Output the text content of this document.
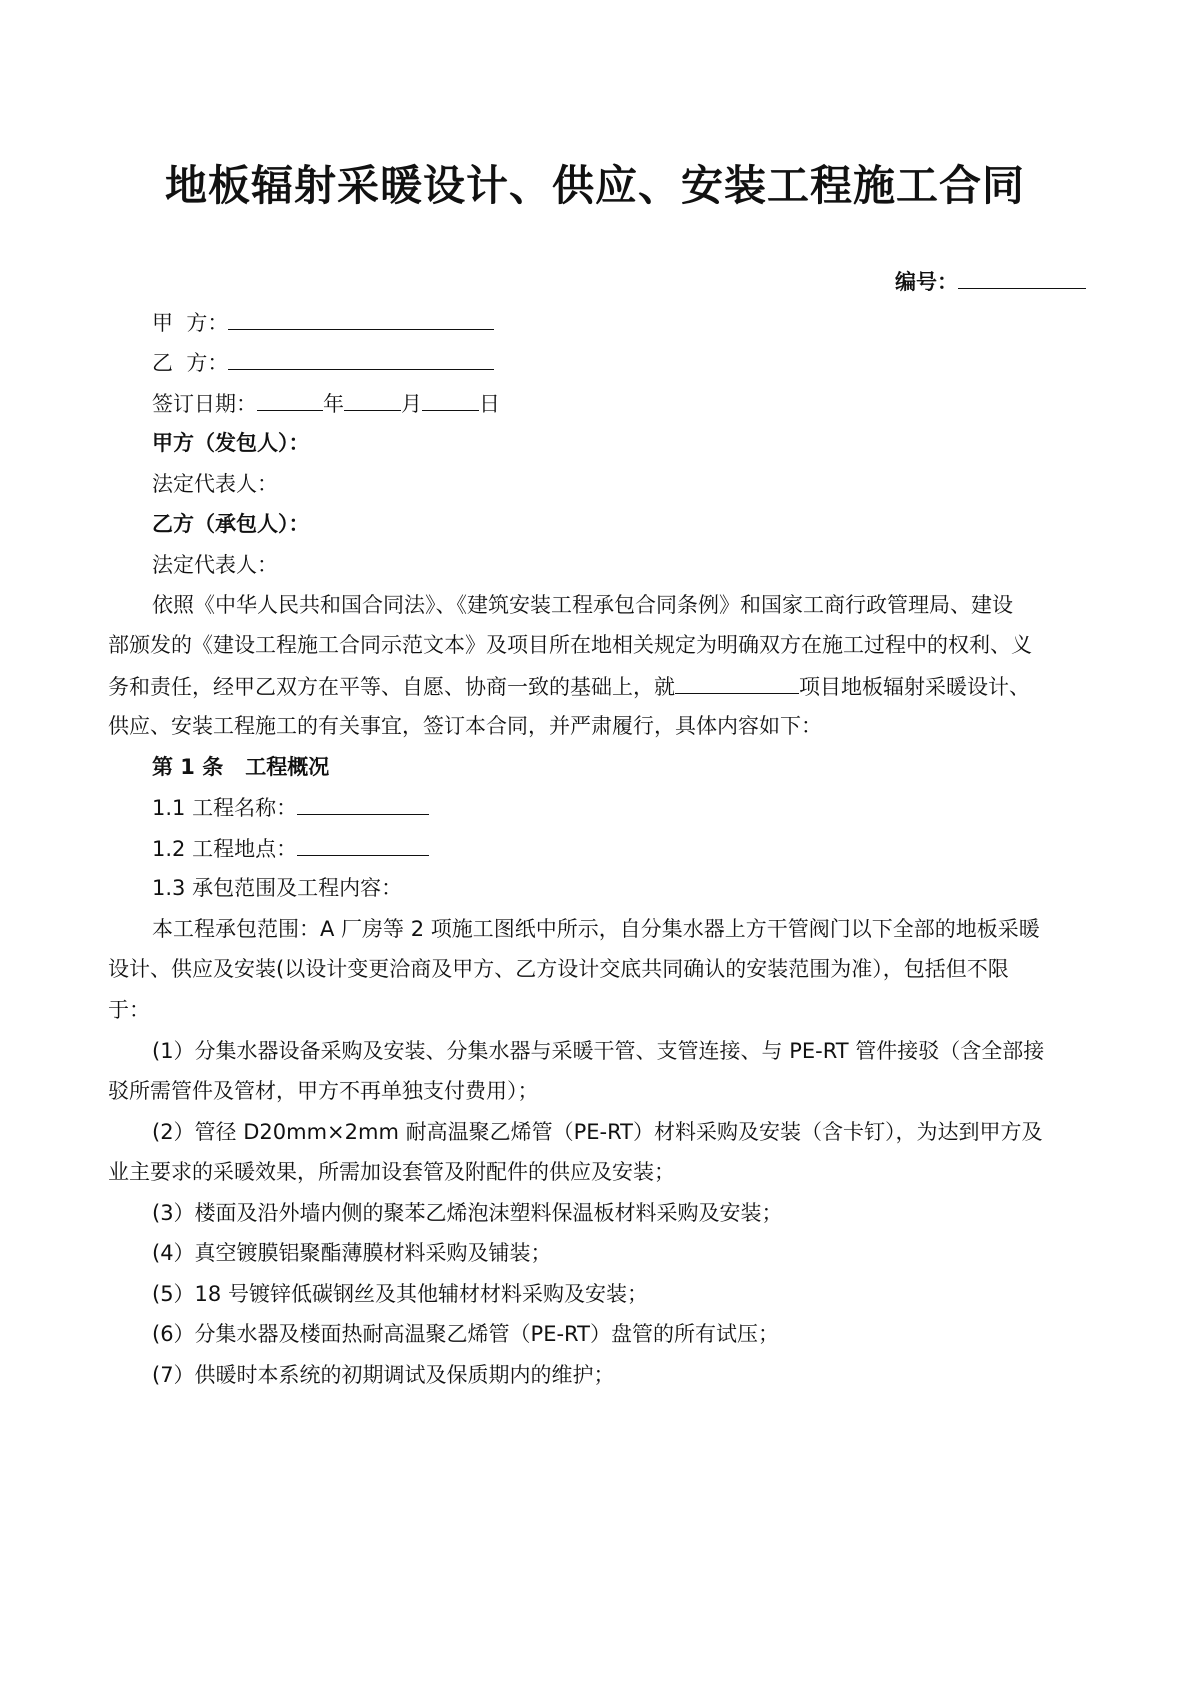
地板辐射采暖设计、供应、安装工程施工合同
编号：
甲  方：
乙  方：
签订日期：	年	月	日
甲方（发包人）：
法定代表人：
乙方（承包人）：
法定代表人：
依照《中华人民共和国合同法》、《建筑安装工程承包合同条例》和国家工商行政管理局、建设
部颁发的《建设工程施工合同示范文本》及项目所在地相关规定为明确双方在施工过程中的权利、义
务和责任，经甲乙双方在平等、自愿、协商一致的基础上，就	项目地板辐射采暖设计、
供应、安装工程施工的有关事宜，签订本合同，并严肃履行，具体内容如下：
第 1 条 工程概况
1.1 工程名称：
1.2 工程地点：
1.3 承包范围及工程内容：
本工程承包范围：A 厂房等 2 项施工图纸中所示，自分集水器上方干管阀门以下全部的地板采暖
设计、供应及安装(以设计变更洽商及甲方、乙方设计交底共同确认的安装范围为准），包括但不限
于：
(1）分集水器设备采购及安装、分集水器与采暖干管、支管连接、与 PE-RT 管件接驳（含全部接
驳所需管件及管材，甲方不再单独支付费用）；
(2）管径 D20mm×2mm 耐高温聚乙烯管（PE-RT）材料采购及安装（含卡钉），为达到甲方及
业主要求的采暖效果，所需加设套管及附配件的供应及安装；
(3）楼面及沿外墙内侧的聚苯乙烯泡沫塑料保温板材料采购及安装；
(4）真空镀膜铝聚酯薄膜材料采购及铺装；
(5）18 号镀锌低碳钢丝及其他辅材材料采购及安装；
(6）分集水器及楼面热耐高温聚乙烯管（PE-RT）盘管的所有试压；
(7）供暖时本系统的初期调试及保质期内的维护；
